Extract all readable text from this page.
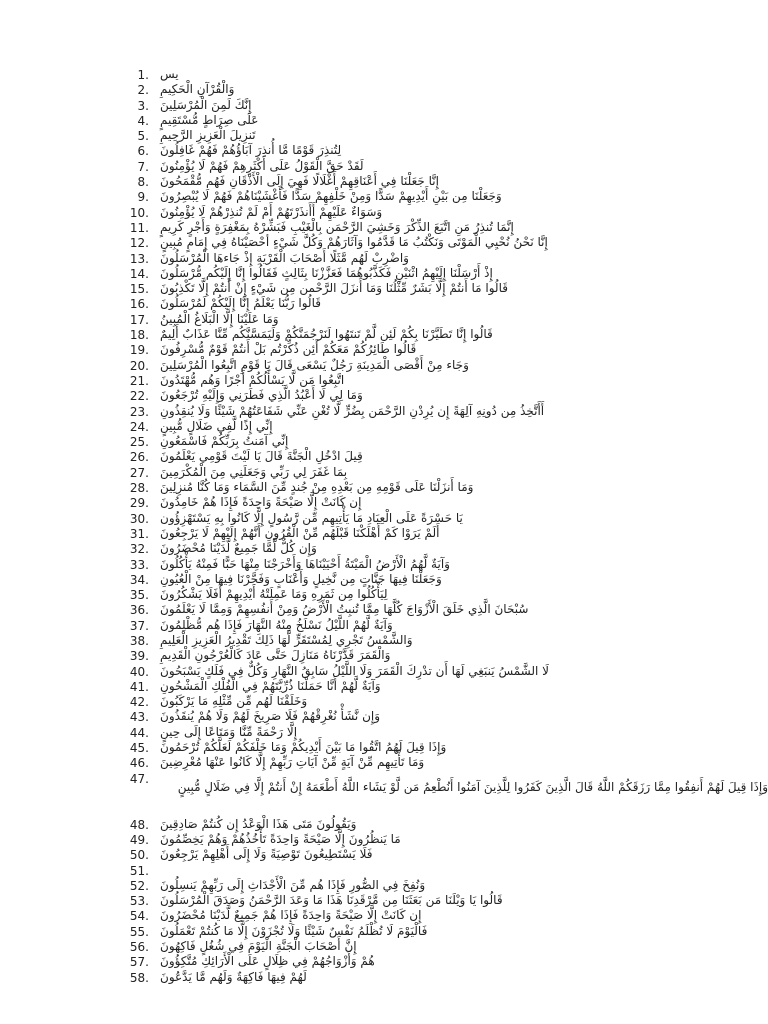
1. يس
2. وَالْقُرْآنِ الْحَكِيمِ
3. إِنَّكَ لَمِنَ الْمُرْسَلِينَ
4. عَلَى صِرَاطٍ مُّسْتَقِيمٍ
5. تَنزِيلَ الْعَزِيزِ الرَّحِيمِ
6. لِتُنذِرَ قَوْمًا مَّا أُنذِرَ آبَاؤُهُمْ فَهُمْ غَافِلُونَ
7. لَقَدْ حَقَّ الْقَوْلُ عَلَى أَكْثَرِهِمْ فَهُمْ لَا يُؤْمِنُونَ
8. إِنَّا جَعَلْنَا فِي أَعْنَاقِهِمْ أَغْلَالًا فَهِيَ إِلَى الْأَذْقَانِ فَهُم مُّقْمَحُونَ
9. وَجَعَلْنَا مِن بَيْنِ أَيْدِيهِمْ سَدًّا وَمِنْ خَلْفِهِمْ سَدًّا فَأَغْشَيْنَاهُمْ فَهُمْ لَا يُبْصِرُونَ
10. وَسَوَاءٌ عَلَيْهِمْ أَأَنذَرْتَهُمْ أَمْ لَمْ تُنذِرْهُمْ لَا يُؤْمِنُونَ
11. إِنَّمَا تُنذِرُ مَنِ اتَّبَعَ الذِّكْرَ وَخَشِيَ الرَّحْمَن بِالْغَيْبِ فَبَشِّرْهُ بِمَغْفِرَةٍ وَأَجْرٍ كَرِيمٍ
12. إِنَّا نَحْنُ نُحْيِي الْمَوْتَى وَنَكْتُبُ مَا قَدَّمُوا وَآثَارَهُمْ وَكُلَّ شَيْءٍ أحْصَيْنَاهُ فِي إِمَامٍ مُبِينٍ
13. وَاضْرِبْ لَهُم مَّثَلًا أَصْحَابَ الْقَرْيَةِ إِذْ جَاءهَا الْمُرْسَلُونَ
14. إِذْ أَرْسَلْنَا إِلَيْهِمُ اثْنَيْنِ فَكَذَّبُوهُمَا فَعَزَّزْنَا بِثَالِثٍ فَقَالُوا إِنَّا إِلَيْكُم مُّرْسَلُونَ
15. قَالُوا مَا أَنتُمْ إِلَّا بَشَرٌ مِّثْلُنَا وَمَا أَنزَلَ الرَّحْمن مِن شَيْءٍ إِنْ أَنتُمْ إِلَّا تَكْذِبُونَ
16. قَالُوا رَبُّنَا يَعْلَمُ إِنَّا إِلَيْكُمْ لَمُرْسَلُونَ
17. وَمَا عَلَيْنَا إِلَّا الْبَلَاغُ الْمُبِينُ
18. قَالُوا إِنَّا تَطَيَّرْنَا بِكُمْ لَئِن لَّمْ تَنتَهُوا لَنَرْجُمَنَّكُمْ وَلَيَمَسَّنَّكُم مِّنَّا عَذَابٌ أَلِيمٌ
19. قَالُوا طَائِرُكُمْ مَعَكُمْ أَئِن ذُكِّرْتُم بَلْ أَنتُمْ قَوْمٌ مُّسْرِفُونَ
20. وَجَاء مِنْ أَقْصَى الْمَدِينَةِ رَجُلٌ يَسْعَى قَالَ يَا قَوْمِ اتَّبِعُوا الْمُرْسَلِينَ
21. اتَّبِعُوا مَن لَّا يَسْأَلُكُمْ أَجْرًا وَهُم مُّهْتَدُونَ
22. وَمَا لِي لَا أَعْبُدُ الَّذِي فَطَرَنِي وَإِلَيْهِ تُرْجَعُونَ
23. أَأَتَّخِذُ مِن دُونِهِ آلِهَةً إِن يُرِدْنِ الرَّحْمَن بِضُرٍّ لَّا تُغْنِ عَنِّي شَفَاعَتُهُمْ شَيْئًا وَلَا يُنقِذُونِ
24. إِنِّي إِذًا لَّفِي ضَلَالٍ مُّبِينٍ
25. إِنِّي آمَنتُ بِرَبِّكُمْ فَاسْمَعُونِ
26. قِيلَ ادْخُلِ الْجَنَّةَ قَالَ يَا لَيْتَ قَوْمِي يَعْلَمُونَ
27. بِمَا غَفَرَ لِي رَبِّي وَجَعَلَنِي مِنَ الْمُكْرَمِينَ
28. وَمَا أَنزَلْنَا عَلَى قَوْمِهِ مِن بَعْدِهِ مِنْ جُندٍ مِّنَ السَّمَاء وَمَا كُنَّا مُنزِلِينَ
29. إِن كَانَتْ إِلَّا صَيْحَةً وَاحِدَةً فَإِذَا هُمْ خَامِدُونَ
30. يَا حَسْرَةً عَلَى الْعِبَادِ مَا يَأْتِيهِم مِّن رَّسُولٍ إِلَّا كَانُوا بِهِ يَسْتَهْزِؤُون
31. أَلَمْ يَرَوْا كَمْ أَهْلَكْنَا قَبْلَهُم مِّنْ الْقُرُونِ أَنَّهُمْ إِلَيْهِمْ لَا يَرْجِعُونَ
32. وَإِن كُلٌّ لَّمَّا جَمِيعٌ لَّدَيْنَا مُحْضَرُونَ
33. وَآيَةٌ لَّهُمُ الْأَرْضُ الْمَيْتَةُ أَحْيَيْنَاهَا وَأَخْرَجْنَا مِنْهَا حَبًّا فَمِنْهُ يَأْكُلُونَ
34. وَجَعَلْنَا فِيهَا جَنَّاتٍ مِن نَّخِيلٍ وَأَعْنَابٍ وَفَجَّرْنَا فِيهَا مِنْ الْعُيُونِ
35. لِيَأْكُلُوا مِن ثَمَرِهِ وَمَا عَمِلَتْهُ أَيْدِيهِمْ أَفَلَا يَشْكُرُونَ
36. سُبْحَانَ الَّذِي خَلَقَ الْأَزْوَاجَ كُلَّهَا مِمَّا تُنبِتُ الْأَرْضُ وَمِنْ أَنفُسِهِمْ وَمِمَّا لَا يَعْلَمُونَ
37. وَآيَةٌ لَّهُمْ اللَّيْلُ نَسْلَخُ مِنْهُ النَّهَارَ فَإِذَا هُم مُّظْلِمُونَ
38. وَالشَّمْسُ تَجْرِي لِمُسْتَقَرٍّ لَّهَا ذَلِكَ تَقْدِيرُ الْعَزِيزِ الْعَلِيمِ
39. وَالْقَمَرَ قَدَّرْنَاهُ مَنَازِلَ حَتَّى عَادَ كَالْعُرْجُونِ الْقَدِيمِ
40. لَا الشَّمْسُ يَنبَغِي لَهَا أَن تدْرِكَ الْقَمَرَ وَلَا اللَّيْلُ سَابِقُ النَّهَارِ وَكُلٌّ فِي فَلَكٍ يَسْبَحُونَ
41. وَآيَةٌ لَّهُمْ أَنَّا حَمَلْنَا ذُرِّيَّتَهُمْ فِي الْفُلْكِ الْمَشْحُونِ
42. وَخَلَقْنَا لَهُم مِّن مِّثْلِهِ مَا يَرْكَبُونَ
43. وَإِن نَّشَأْ نُغْرِقْهُمْ فَلَا صَرِيخَ لَهُمْ وَلَا هُمْ يُنقَذُونَ
44. إِلَّا رَحْمَةً مِّنَّا وَمَتَاعًا إِلَى حِينٍ
45. وَإِذَا قِيلَ لَهُمُ اتَّقُوا مَا بَيْنَ أَيْدِيكُمْ وَمَا خَلْفَكُمْ لَعَلَّكُمْ تُرْحَمُونَ
46. وَمَا تَأْتِيهِم مِّنْ آيَةٍ مِّنْ آيَاتِ رَبِّهِمْ إِلَّا كَانُوا عَنْهَا مُعْرِضِينَ
47.
وَإِذَا قِيلَ لَهُمْ أَنفِقُوا مِمَّا رَزَقَكُمْ اللَّهُ قَالَ الَّذِينَ كَفَرُوا لِلَّذِينَ آمَنُوا أَنُطْعِمُ مَن لَّوْ يَشَاء اللَّهُ أَطْعَمَهُ إِنْ أَنتُمْ إِلَّا فِي ضَلَالٍ مُّبِينٍ
48. وَيَقُولُونَ مَتَى هَذَا الْوَعْدُ إِن كُنتُمْ صَادِقِينَ
49. مَا يَنظُرُونَ إِلَّا صَيْحَةً وَاحِدَةً تَأْخُذُهُمْ وَهُمْ يَخِصِّمُونَ
50. فَلَا يَسْتَطِيعُونَ تَوْصِيَةً وَلَا إِلَى أَهْلِهِمْ يَرْجِعُونَ
51.
52. وَنُفِخَ فِي الصُّورِ فَإِذَا هُم مِّنَ الْأَجْدَاثِ إِلَى رَبِّهِمْ يَنسِلُونَ
53. قَالُوا يَا وَيْلَنَا مَن بَعَثَنَا مِن مَّرْقَدِنَا هَذَا مَا وَعَدَ الرَّحْمَنُ وَصَدَقَ الْمُرْسَلُونَ
54. إِن كَانَتْ إِلَّا صَيْحَةً وَاحِدَةً فَإِذَا هُمْ جَمِيعٌ لَّدَيْنَا مُحْضَرُونَ
55. فَالْيَوْمَ لَا تُظْلَمُ نَفْسٌ شَيْئًا وَلَا تُجْزَوْنَ إِلَّا مَا كُنتُمْ تَعْمَلُونَ
56. إِنَّ أَصْحَابَ الْجَنَّةِ الْيَوْمَ فِي شُغُلٍ فَاكِهُونَ
57. هُمْ وَأَزْوَاجُهُمْ فِي ظِلَالٍ عَلَى الْأَرَائِكِ مُتَّكِؤُونَ
58. لَهُمْ فِيهَا فَاكِهَةٌ وَلَهُم مَّا يَدَّعُونَ
